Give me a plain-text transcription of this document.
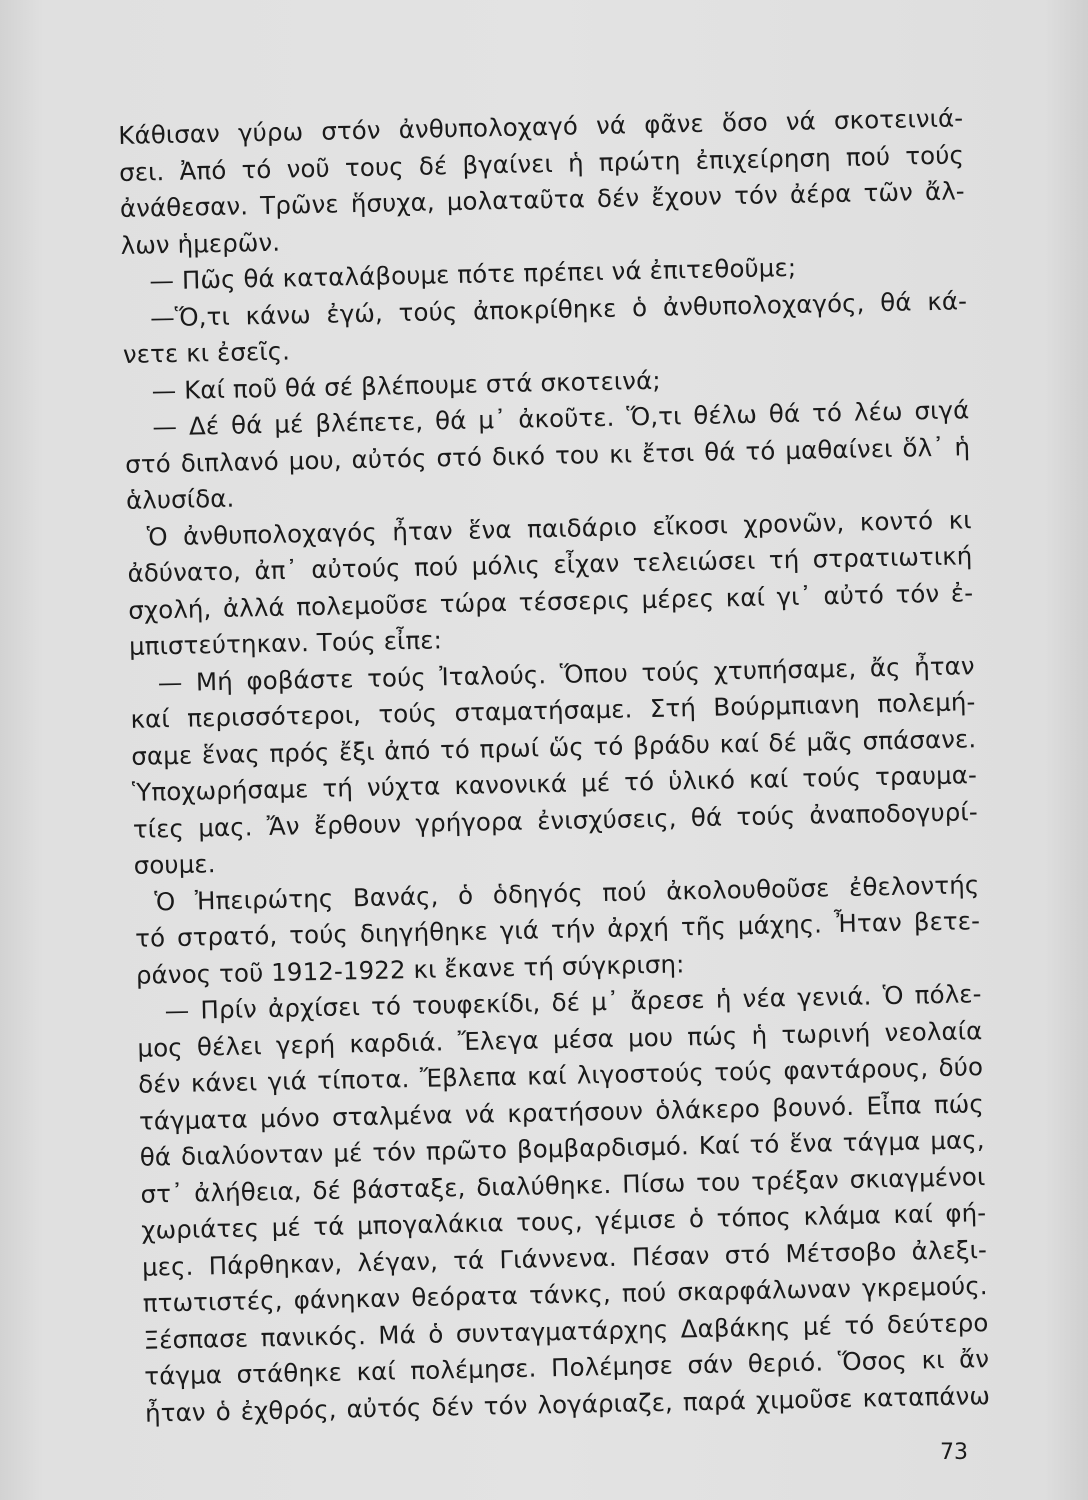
Κάθισαν γύρω στόν ἀνθυπολοχαγό νά φᾶνε ὅσο νά σκοτεινιά-
σει. Ἀπό τό νοῦ τους δέ βγαίνει ἡ πρώτη ἐπιχείρηση πού τούς
ἀνάθεσαν. Τρῶνε ἥσυχα, μολαταῦτα δέν ἔχουν τόν ἀέρα τῶν ἄλ-
λων ἡμερῶν.
— Πῶς θά καταλάβουμε πότε πρέπει νά ἐπιτεθοῦμε;
—Ὅ,τι κάνω ἐγώ, τούς ἀποκρίθηκε ὁ ἀνθυπολοχαγός, θά κά-
νετε κι ἐσεῖς.
— Καί ποῦ θά σέ βλέπουμε στά σκοτεινά;
— Δέ θά μέ βλέπετε, θά μ᾿ ἀκοῦτε. Ὅ,τι θέλω θά τό λέω σιγά
στό διπλανό μου, αὐτός στό δικό του κι ἔτσι θά τό μαθαίνει ὅλ᾿ ἡ
ἁλυσίδα.
Ὁ ἀνθυπολοχαγός ἦταν ἕνα παιδάριο εἴκοσι χρονῶν, κοντό κι
ἀδύνατο, ἀπ᾿ αὐτούς πού μόλις εἶχαν τελειώσει τή στρατιωτική
σχολή, ἀλλά πολεμοῦσε τώρα τέσσερις μέρες καί γι᾿ αὐτό τόν ἐ-
μπιστεύτηκαν. Τούς εἶπε:
— Μή φοβάστε τούς Ἰταλούς. Ὅπου τούς χτυπήσαμε, ἄς ἦταν
καί περισσότεροι, τούς σταματήσαμε. Στή Βούρμπιανη πολεμή-
σαμε ἕνας πρός ἔξι ἀπό τό πρωί ὥς τό βράδυ καί δέ μᾶς σπάσανε.
Ὑποχωρήσαμε τή νύχτα κανονικά μέ τό ὑλικό καί τούς τραυμα-
τίες μας. Ἄν ἔρθουν γρήγορα ἐνισχύσεις, θά τούς ἀναποδογυρί-
σουμε.
Ὁ Ἠπειρώτης Βανάς, ὁ ὁδηγός πού ἀκολουθοῦσε ἐθελοντής
τό στρατό, τούς διηγήθηκε γιά τήν ἀρχή τῆς μάχης. Ἦταν βετε-
ράνος τοῦ 1912-1922 κι ἔκανε τή σύγκριση:
— Πρίν ἀρχίσει τό τουφεκίδι, δέ μ᾿ ἄρεσε ἡ νέα γενιά. Ὁ πόλε-
μος θέλει γερή καρδιά. Ἔλεγα μέσα μου πώς ἡ τωρινή νεολαία
δέν κάνει γιά τίποτα. Ἔβλεπα καί λιγοστούς τούς φαντάρους, δύο
τάγματα μόνο σταλμένα νά κρατήσουν ὁλάκερο βουνό. Εἶπα πώς
θά διαλύονταν μέ τόν πρῶτο βομβαρδισμό. Καί τό ἕνα τάγμα μας,
στ᾿ ἀλήθεια, δέ βάσταξε, διαλύθηκε. Πίσω του τρέξαν σκιαγμένοι
χωριάτες μέ τά μπογαλάκια τους, γέμισε ὁ τόπος κλάμα καί φή-
μες. Πάρθηκαν, λέγαν, τά Γιάννενα. Πέσαν στό Μέτσοβο ἀλεξι-
πτωτιστές, φάνηκαν θεόρατα τάνκς, πού σκαρφάλωναν γκρεμούς.
Ξέσπασε πανικός. Μά ὁ συνταγματάρχης Δαβάκης μέ τό δεύτερο
τάγμα στάθηκε καί πολέμησε. Πολέμησε σάν θεριό. Ὅσος κι ἄν
ἦταν ὁ ἐχθρός, αὐτός δέν τόν λογάριαζε, παρά χιμοῦσε καταπάνω
73
